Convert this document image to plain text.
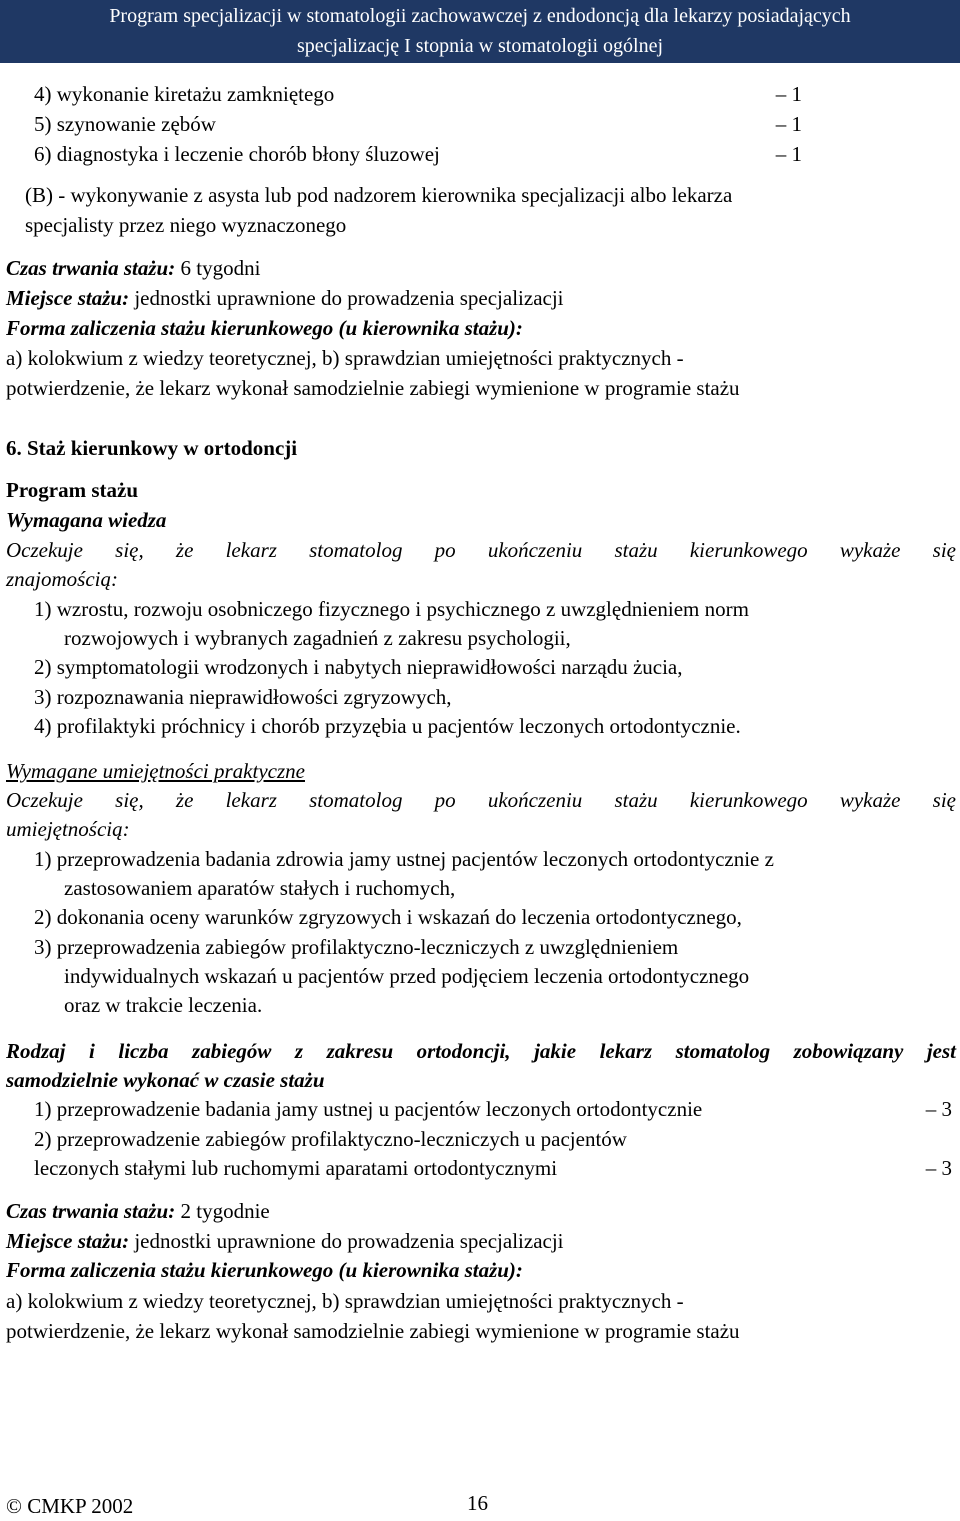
Program specjalizacji w stomatologii zachowawczej z endodoncją dla lekarzy posiadających
specjalizację I stopnia w stomatologii ogólnej
4) wykonanie kiretażu zamkniętego	– 1
5) szynowanie zębów	– 1
6) diagnostyka i leczenie chorób błony śluzowej	– 1
(B) - wykonywanie z asysta lub pod nadzorem kierownika specjalizacji albo lekarza
specjalisty przez niego wyznaczonego
Czas trwania stażu: 6 tygodni
Miejsce stażu: jednostki uprawnione do prowadzenia specjalizacji
Forma zaliczenia stażu kierunkowego (u kierownika stażu):
a) kolokwium z wiedzy teoretycznej, b) sprawdzian umiejętności praktycznych -
potwierdzenie, że lekarz wykonał samodzielnie zabiegi wymienione w programie stażu
6. Staż kierunkowy w ortodoncji
Program stażu
Wymagana wiedza
Oczekuje się, że lekarz stomatolog po ukończeniu stażu kierunkowego wykaże się
znajomością:
1) wzrostu, rozwoju osobniczego fizycznego i psychicznego z uwzględnieniem norm
rozwojowych i wybranych zagadnień z zakresu psychologii,
2) symptomatologii wrodzonych i nabytych nieprawidłowości narządu żucia,
3) rozpoznawania nieprawidłowości zgryzowych,
4) profilaktyki próchnicy i chorób przyzębia u pacjentów leczonych ortodontycznie.
Wymagane umiejętności praktyczne
Oczekuje się, że lekarz stomatolog po ukończeniu stażu kierunkowego wykaże się
umiejętnością:
1) przeprowadzenia badania zdrowia jamy ustnej pacjentów leczonych ortodontycznie z
zastosowaniem aparatów stałych i ruchomych,
2) dokonania oceny warunków zgryzowych i wskazań do leczenia ortodontycznego,
3) przeprowadzenia zabiegów profilaktyczno-leczniczych z uwzględnieniem
indywidualnych wskazań u pacjentów przed podjęciem leczenia ortodontycznego
oraz w trakcie leczenia.
Rodzaj i liczba zabiegów z zakresu ortodoncji, jakie lekarz stomatolog zobowiązany jest
samodzielnie wykonać w czasie stażu
1) przeprowadzenie badania jamy ustnej u pacjentów leczonych ortodontycznie	– 3
2) przeprowadzenie zabiegów profilaktyczno-leczniczych u pacjentów
leczonych stałymi lub ruchomymi aparatami ortodontycznymi	– 3
Czas trwania stażu: 2 tygodnie
Miejsce stażu: jednostki uprawnione do prowadzenia specjalizacji
Forma zaliczenia stażu kierunkowego (u kierownika stażu):
a) kolokwium z wiedzy teoretycznej, b) sprawdzian umiejętności praktycznych -
potwierdzenie, że lekarz wykonał samodzielnie zabiegi wymienione w programie stażu
© CMKP 2002	16
